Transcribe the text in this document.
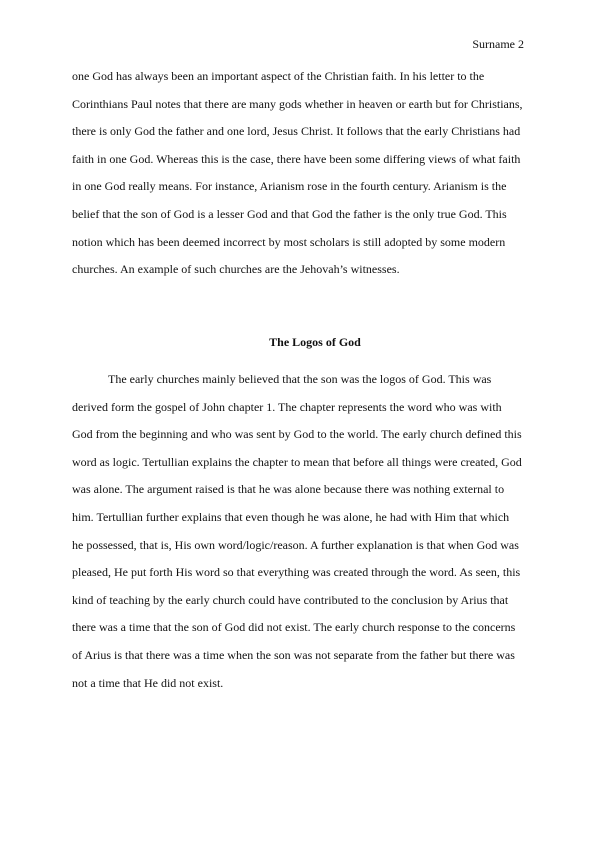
Surname 2
one God has always been an important aspect of the Christian faith. In his letter to the
Corinthians Paul notes that there are many gods whether in heaven or earth but for Christians,
there is only God the father and one lord, Jesus Christ. It follows that the early Christians had
faith in one God. Whereas this is the case, there have been some differing views of what faith
in one God really means. For instance, Arianism rose in the fourth century. Arianism is the
belief that the son of God is a lesser God and that God the father is the only true God. This
notion which has been deemed incorrect by most scholars is still adopted by some modern
churches. An example of such churches are the Jehovah’s witnesses.
The Logos of God
The early churches mainly believed that the son was the logos of God. This was
derived form the gospel of John chapter 1. The chapter represents the word who was with
God from the beginning and who was sent by God to the world. The early church defined this
word as logic. Tertullian explains the chapter to mean that before all things were created, God
was alone. The argument raised is that he was alone because there was nothing external to
him. Tertullian further explains that even though he was alone, he had with Him that which
he possessed, that is, His own word/logic/reason. A further explanation is that when God was
pleased, He put forth His word so that everything was created through the word. As seen, this
kind of teaching by the early church could have contributed to the conclusion by Arius that
there was a time that the son of God did not exist. The early church response to the concerns
of Arius is that there was a time when the son was not separate from the father but there was
not a time that He did not exist.
